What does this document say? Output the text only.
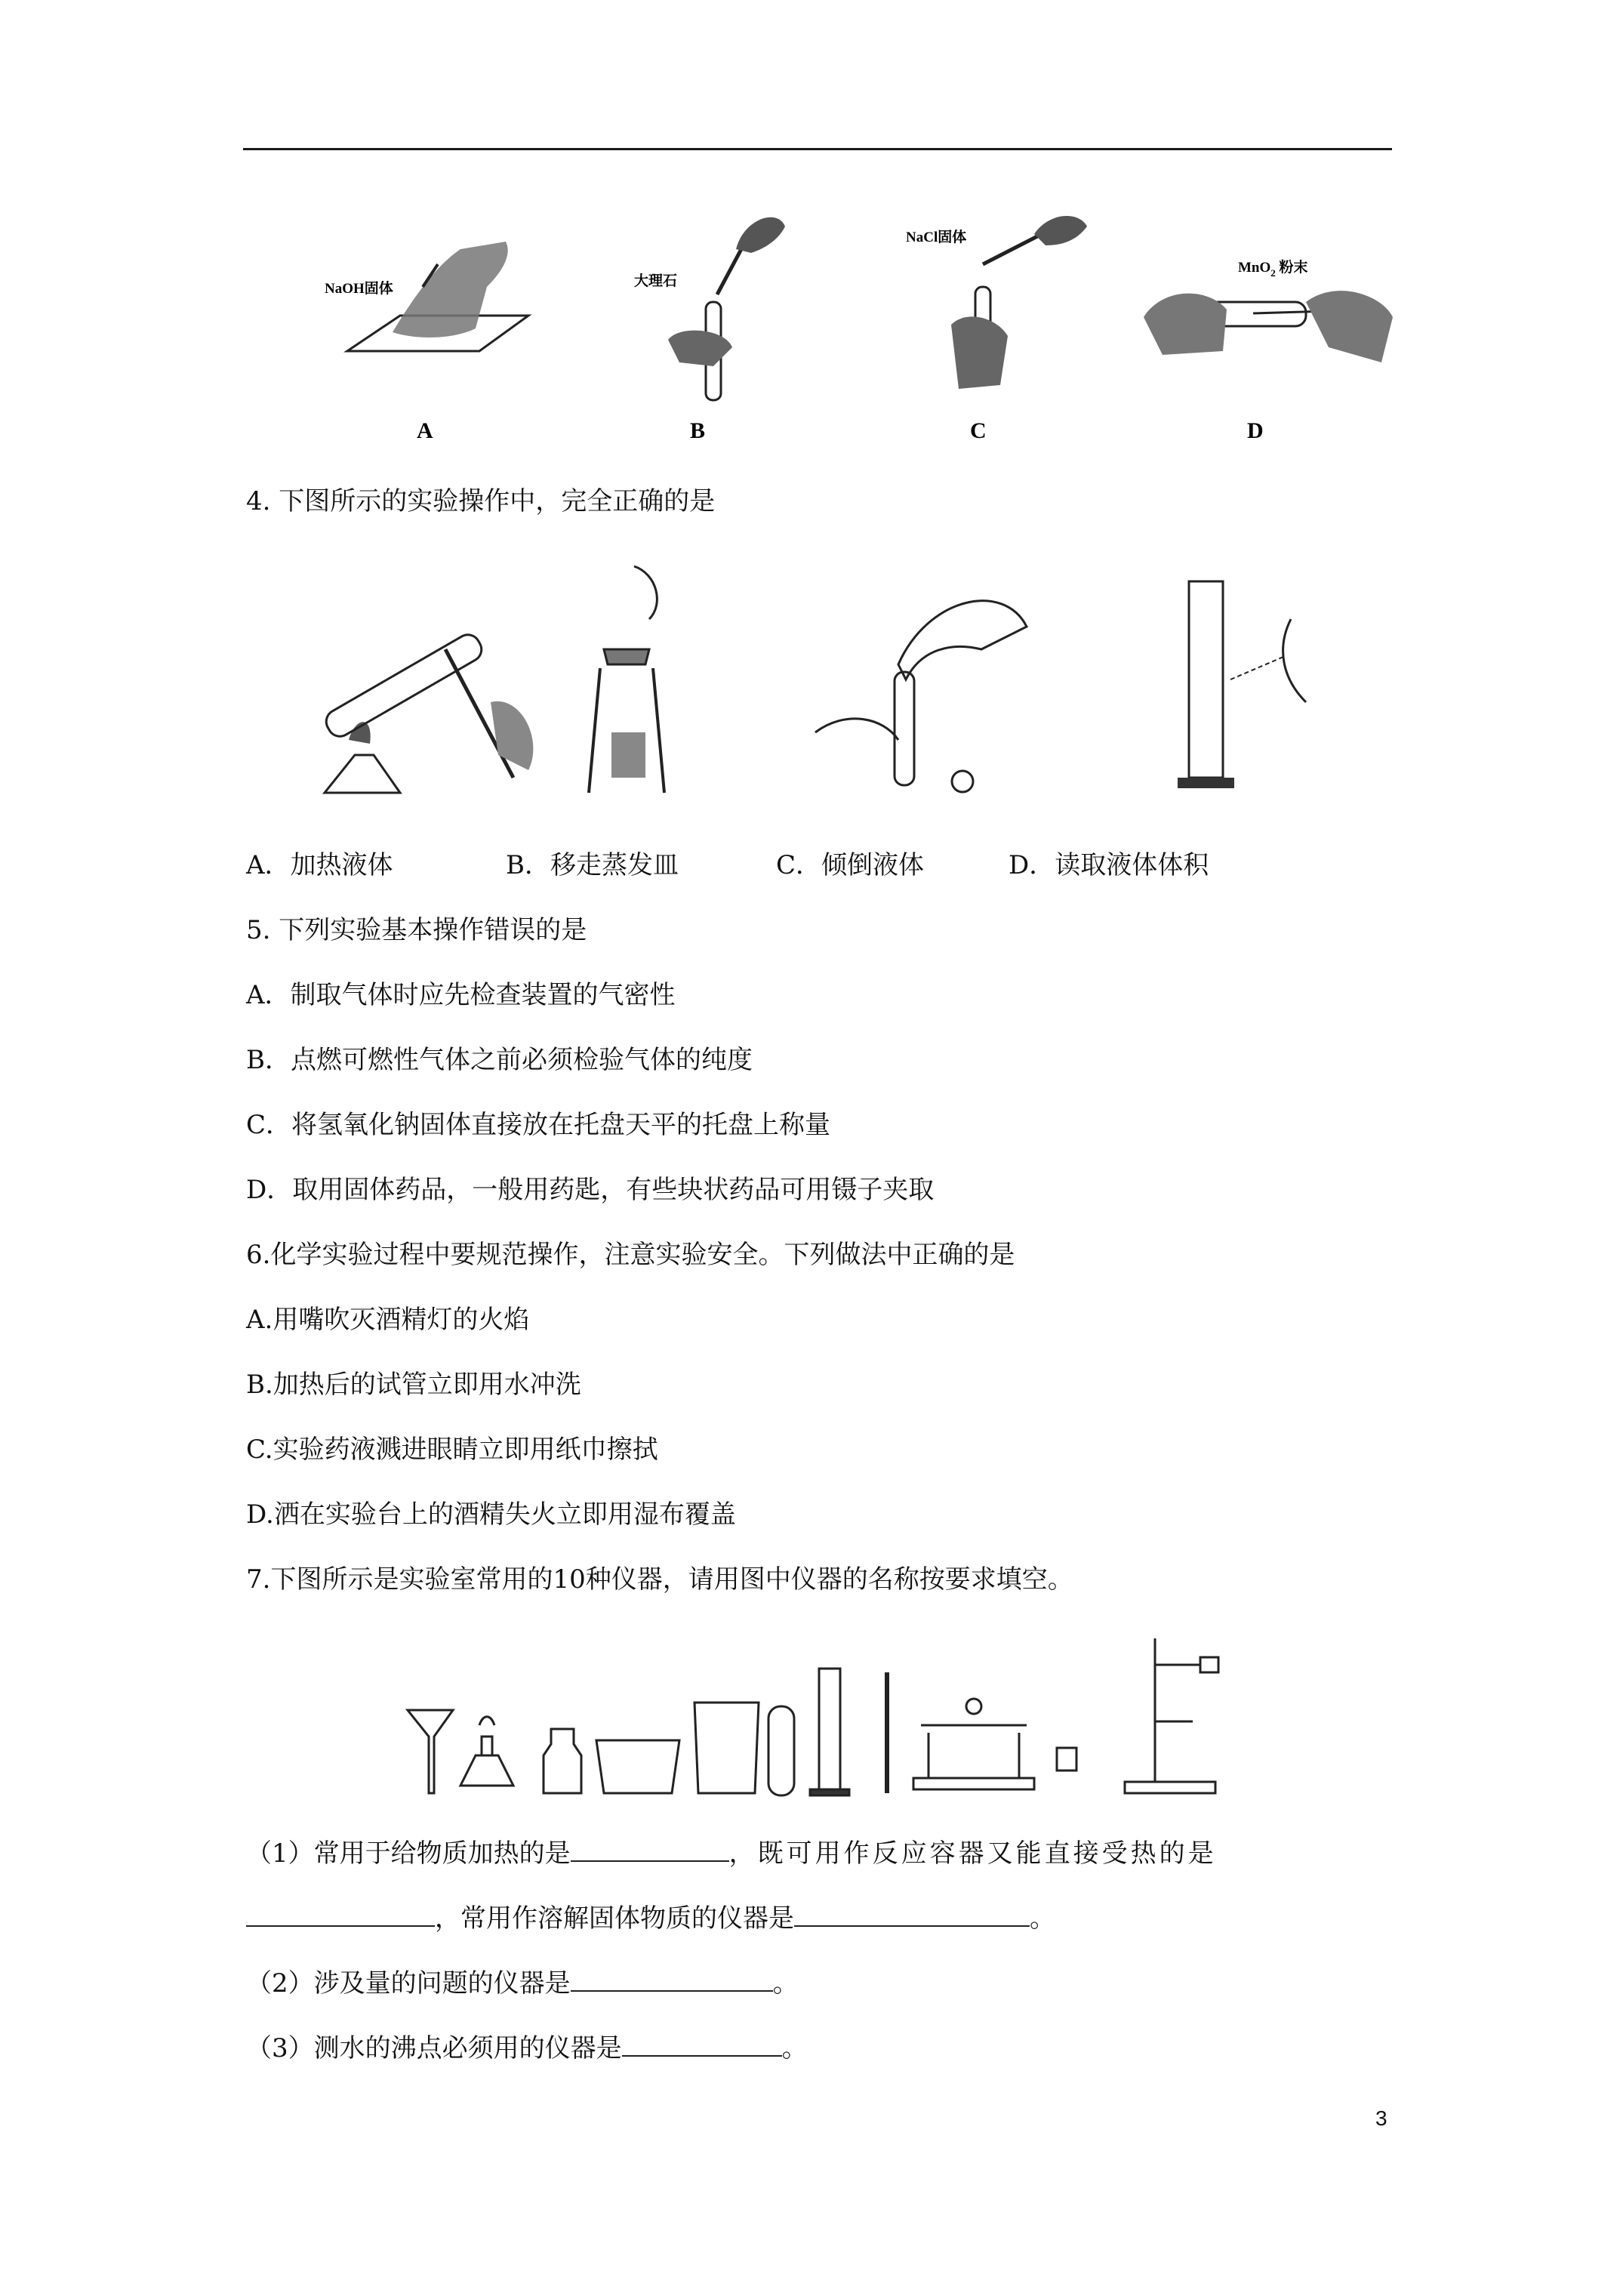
NaOH固体
A
大理石
B
NaCl固体
C
MnO$_2$ 粉末
D
4. 下图所示的实验操作中，完全正确的是
A．加热液体	B．移走蒸发皿	C．倾倒液体	D．读取液体体积
5. 下列实验基本操作错误的是
A．制取气体时应先检查装置的气密性
B．点燃可燃性气体之前必须检验气体的纯度
C．将氢氧化钠固体直接放在托盘天平的托盘上称量
D．取用固体药品，一般用药匙，有些块状药品可用镊子夹取
6.化学实验过程中要规范操作，注意实验安全。下列做法中正确的是
A.用嘴吹灭酒精灯的火焰
B.加热后的试管立即用水冲洗
C.实验药液溅进眼睛立即用纸巾擦拭
D.洒在实验台上的酒精失火立即用湿布覆盖
7.下图所示是实验室常用的10种仪器，请用图中仪器的名称按要求填空。
（1）常用于给物质加热的是	，既可用作反应容器又能直接受热的是
，常用作溶解固体物质的仪器是	。
（2）涉及量的问题的仪器是	。
（3）测水的沸点必须用的仪器是	。
3
